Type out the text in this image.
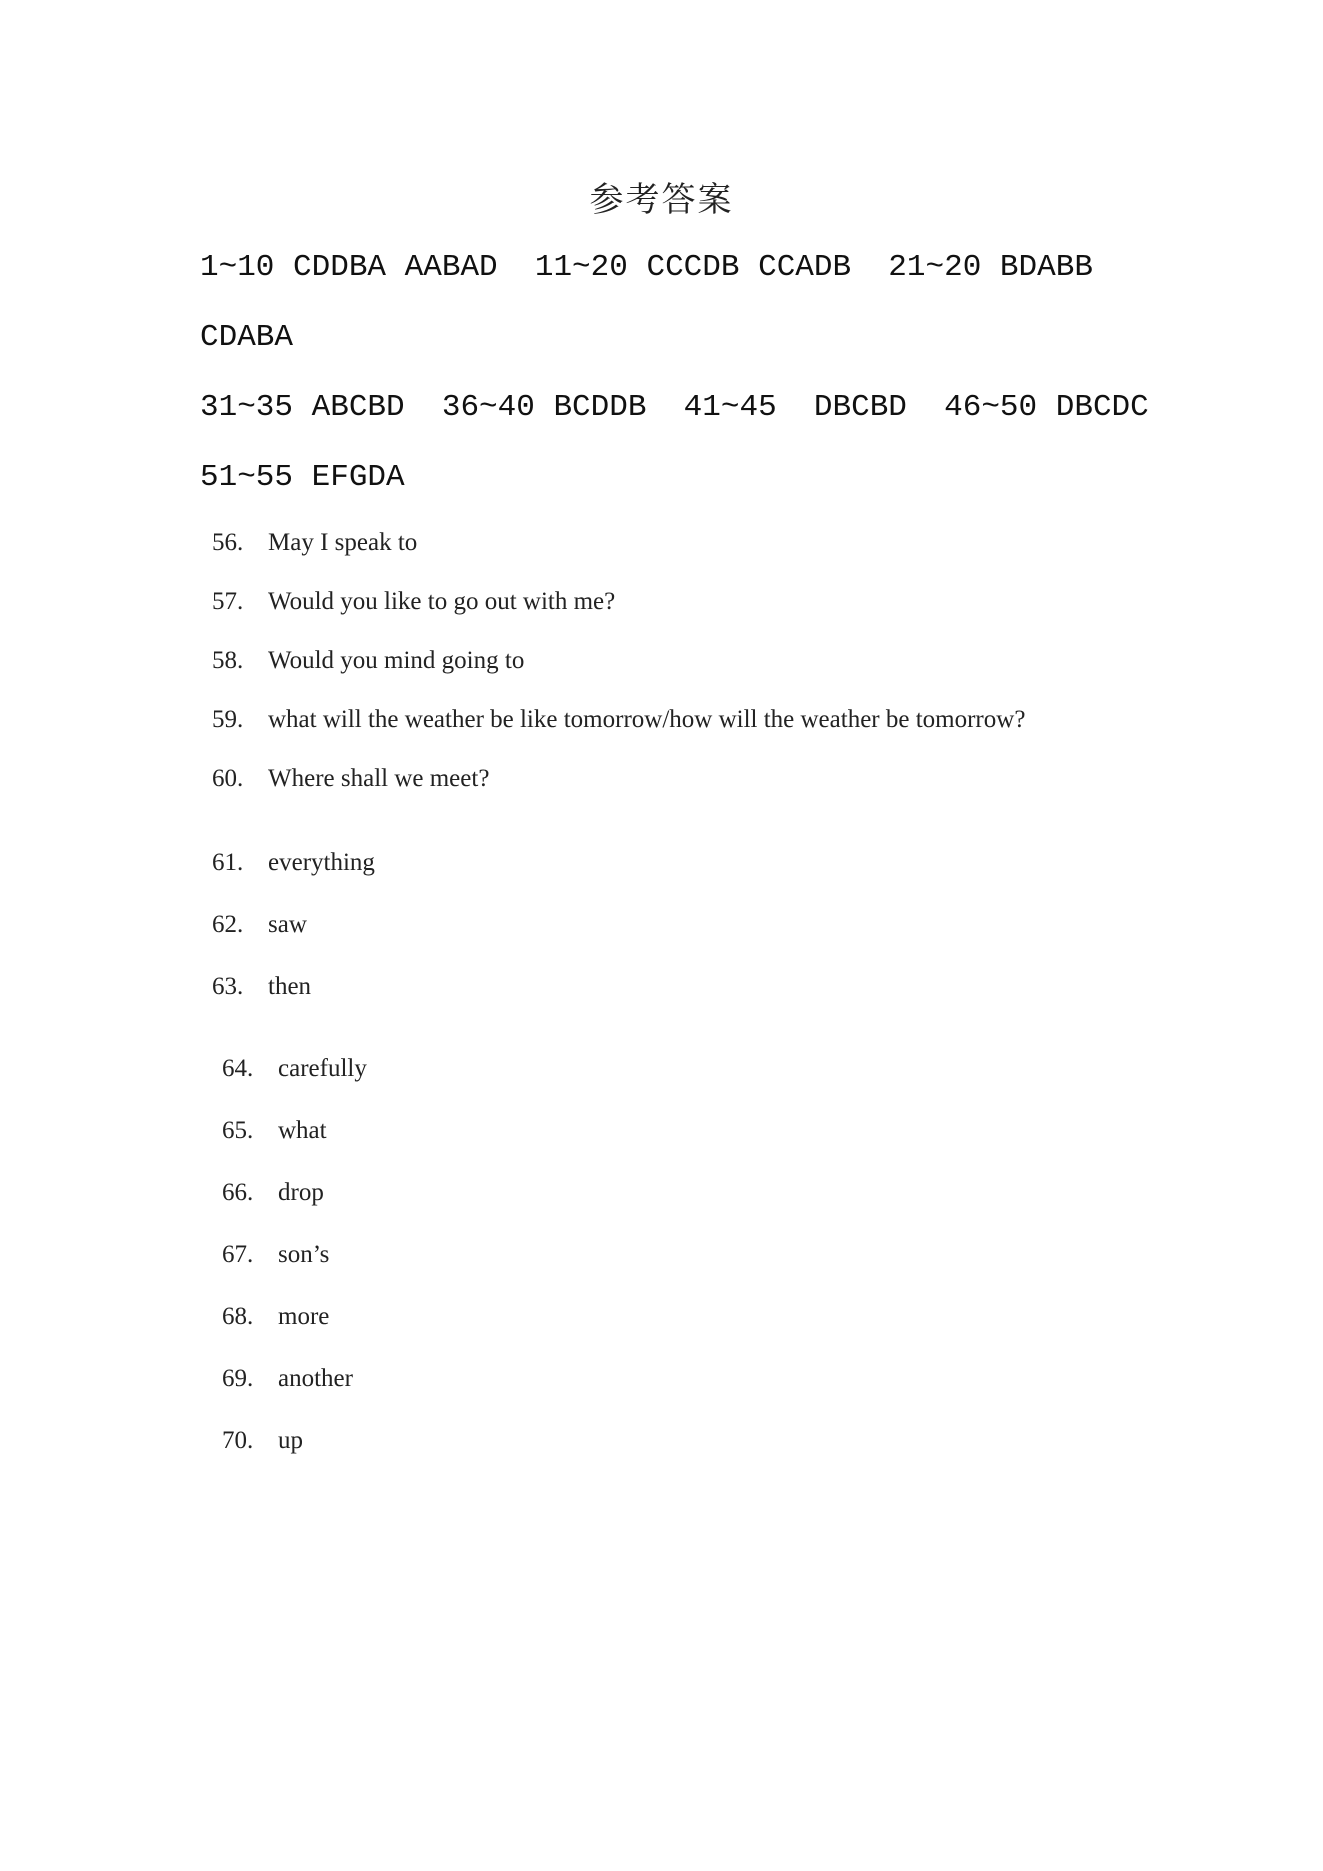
参考答案
1~10 CDDBA AABAD  11~20 CCCDB CCADB  21~20 BDABB
CDABA
31~35 ABCBD  36~40 BCDDB  41~45  DBCBD  46~50 DBCDC
51~55 EFGDA
56. May I speak to
57. Would you like to go out with me?
58. Would you mind going to
59. what will the weather be like tomorrow/how will the weather be tomorrow?
60. Where shall we meet?
61. everything
62. saw
63. then
64. carefully
65. what
66. drop
67. son’s
68. more
69. another
70. up
